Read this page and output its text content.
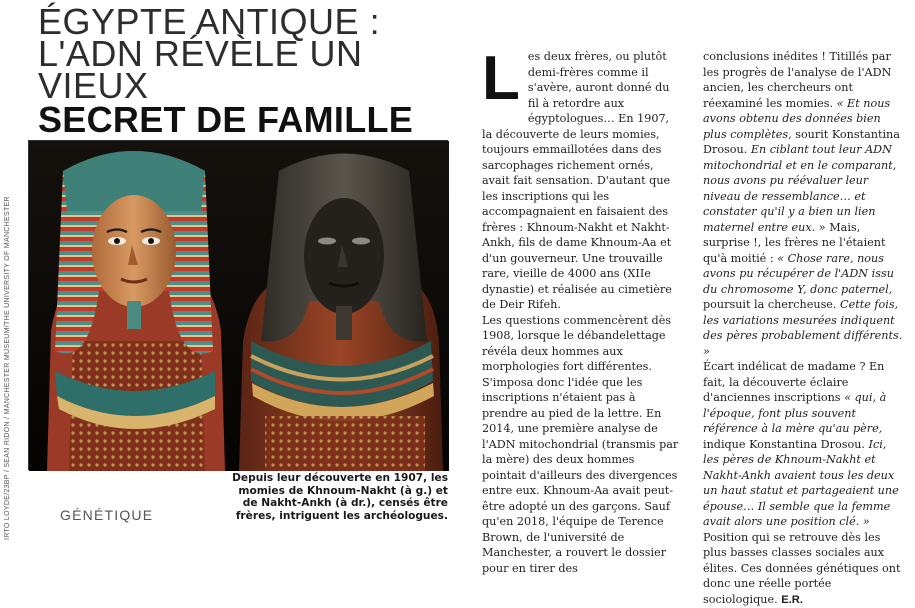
IRTO LOYDE/23BP / SEAN RIDON / MANCHESTER MUSEUM/THE UNIVERSITY OF MANCHESTER
ÉGYPTE ANTIQUE :
L'ADN RÉVÈLE UN VIEUX
SECRET DE FAMILLE
Depuis leur découverte en 1907, les momies de Khnoum-Nakht (à g.) et de Nakht-Ankh (à dr.), censés être frères, intriguent les archéologues.
GÉNÉTIQUE
L es deux frères, ou plutôt demi-frères comme il s'avère, auront donné du fil à retordre aux égyptologues… En 1907, la découverte de leurs momies, toujours emmaillotées dans des sarcophages richement ornés, avait fait sensation. D'autant que les inscriptions qui les accompagnaient en faisaient des frères : Khnoum-Nakht et Nakht-Ankh, fils de dame Khnoum-Aa et d'un gouverneur. Une trouvaille rare, vieille de 4000 ans (XIIe dynastie) et réalisée au cimetière de Deir Rifeh.

Les questions commencèrent dès 1908, lorsque le débandelettage révéla deux hommes aux morphologies fort différentes. S'imposa donc l'idée que les inscriptions n'étaient pas à prendre au pied de la lettre. En 2014, une première analyse de l'ADN mitochondrial (transmis par la mère) des deux hommes pointait d'ailleurs des divergences entre eux. Khnoum-Aa avait peut-être adopté un des garçons. Sauf qu'en 2018, l'équipe de Terence Brown, de l'université de Manchester, a rouvert le dossier pour en tirer des

conclusions inédites ! Titillés par les progrès de l'analyse de l'ADN ancien, les chercheurs ont réexaminé les momies. « Et nous avons obtenu des données bien plus complètes, sourit Konstantina Drosou. En ciblant tout leur ADN mitochondrial et en le comparant, nous avons pu réévaluer leur niveau de ressemblance… et constater qu'il y a bien un lien maternel entre eux. » Mais, surprise !, les frères ne l'étaient qu'à moitié : « Chose rare, nous avons pu récupérer de l'ADN issu du chromosome Y, donc paternel, poursuit la chercheuse. Cette fois, les variations mesurées indiquent des pères probablement différents. »

Écart indélicat de madame ? En fait, la découverte éclaire d'anciennes inscriptions « qui, à l'époque, font plus souvent référence à la mère qu'au père, indique Konstantina Drosou. Ici, les pères de Khnoum-Nakht et Nakht-Ankh avaient tous les deux un haut statut et partageaient une épouse… Il semble que la femme avait alors une position clé. » Position qui se retrouve dès les plus basses classes sociales aux élites. Ces données génétiques ont donc une réelle portée sociologique. E.R.
